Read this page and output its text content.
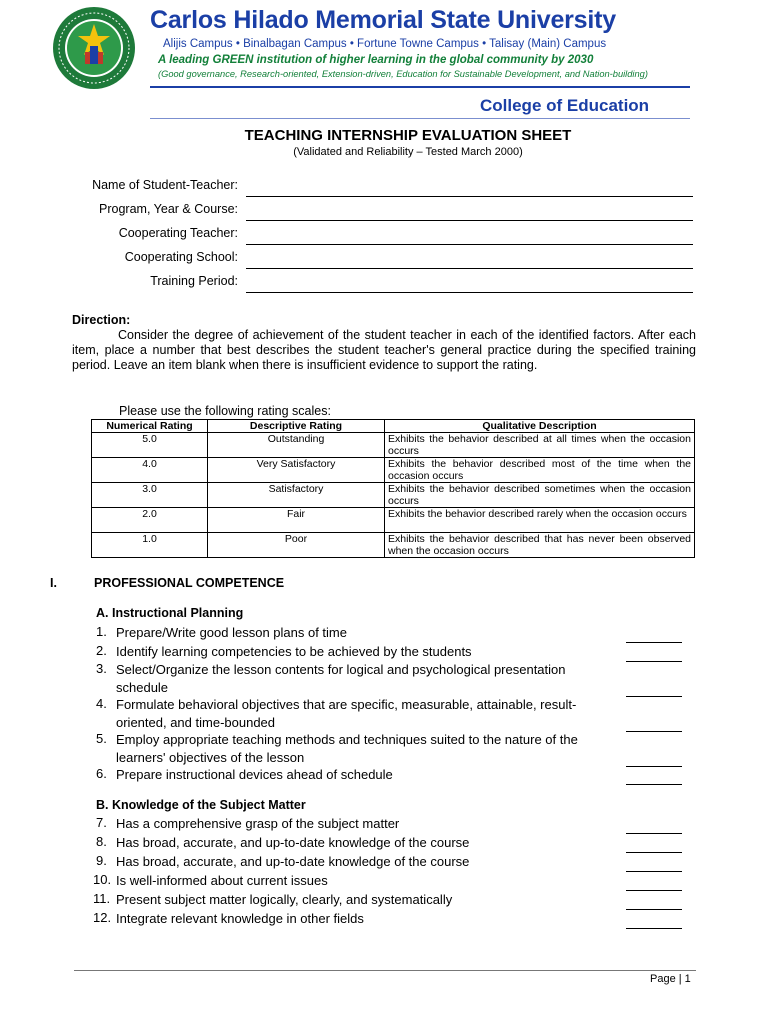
Carlos Hilado Memorial State University
Alijis Campus • Binalbagan Campus • Fortune Towne Campus • Talisay (Main) Campus
A leading GREEN institution of higher learning in the global community by 2030
(Good governance, Research-oriented, Extension-driven, Education for Sustainable Development, and Nation-building)
College of Education
TEACHING INTERNSHIP EVALUATION SHEET
(Validated and Reliability – Tested March 2000)
Name of Student-Teacher:
Program, Year & Course:
Cooperating Teacher:
Cooperating School:
Training Period:
Direction:
Consider the degree of achievement of the student teacher in each of the identified factors. After each item, place a number that best describes the student teacher's general practice during the specified training period. Leave an item blank when there is insufficient evidence to support the rating.
Please use the following rating scales:
Numerical Rating	Descriptive Rating	Qualitative Description
5.0	Outstanding	Exhibits the behavior described at all times when the occasion occurs
4.0	Very Satisfactory	Exhibits the behavior described most of the time when the occasion occurs
3.0	Satisfactory	Exhibits the behavior described sometimes when the occasion occurs
2.0	Fair	Exhibits the behavior described rarely when the occasion occurs
1.0	Poor	Exhibits the behavior described that has never been observed when the occasion occurs
I.	PROFESSIONAL COMPETENCE
A. Instructional Planning
1. Prepare/Write good lesson plans of time
2. Identify learning competencies to be achieved by the students
3. Select/Organize the lesson contents for logical and psychological presentation schedule
4. Formulate behavioral objectives that are specific, measurable, attainable, result-oriented, and time-bounded
5. Employ appropriate teaching methods and techniques suited to the nature of the learners' objectives of the lesson
6. Prepare instructional devices ahead of schedule
B. Knowledge of the Subject Matter
7. Has a comprehensive grasp of the subject matter
8. Has broad, accurate, and up-to-date knowledge of the course
9. Has broad, accurate, and up-to-date knowledge of the course
10. Is well-informed about current issues
11. Present subject matter logically, clearly, and systematically
12. Integrate relevant knowledge in other fields
Page | 1
